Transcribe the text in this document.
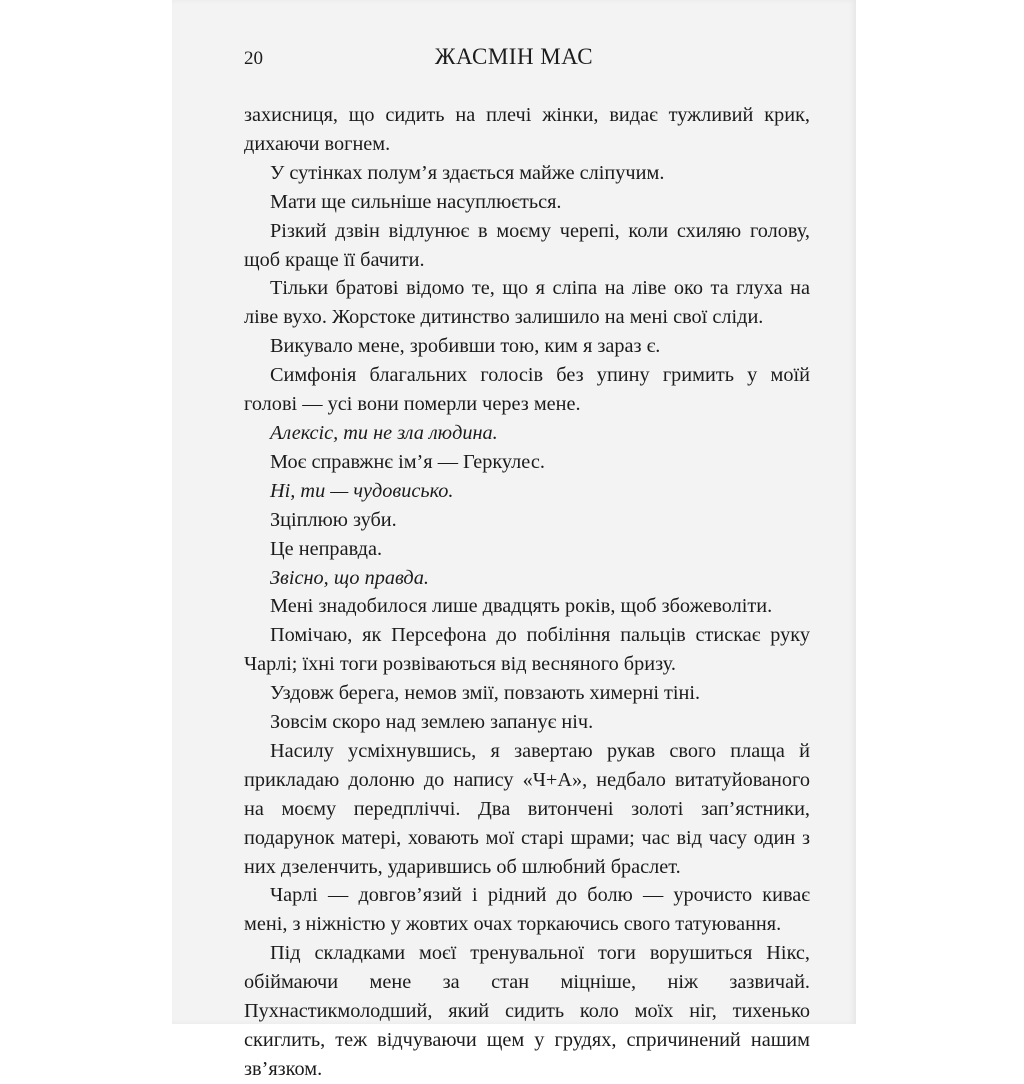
20	ЖАСМІН МАС

захисниця, що сидить на плечі жінки, видає тужливий крик, дихаючи вогнем.

У сутінках полум’я здається майже сліпучим.

Мати ще сильніше насуплюється.

Різкий дзвін відлунює в моєму черепі, коли схиляю голову, щоб краще її бачити.

Тільки братові відомо те, що я сліпа на ліве око та глуха на ліве вухо. Жорстоке дитинство залишило на мені свої сліди.

Викувало мене, зробивши тою, ким я зараз є.

Симфонія благальних голосів без упину гримить у моїй голові — усі вони померли через мене.

Алексіс, ти не зла людина.

Моє справжнє ім’я — Геркулес.

Ні, ти — чудовисько.

Зціплюю зуби.

Це неправда.

Звісно, що правда.

Мені знадобилося лише двадцять років, щоб збожеволіти.

Помічаю, як Персефона до побіління пальців стискає руку Чарлі; їхні тоги розвіваються від весняного бризу.

Уздовж берега, немов змії, повзають химерні тіні.

Зовсім скоро над землею запанує ніч.

Насилу усміхнувшись, я завертаю рукав свого плаща й прикладаю долоню до напису «Ч+А», недбало витатуйованого на моєму передпліччі. Два витончені золоті зап’ястники, подарунок матері, ховають мої старі шрами; час від часу один з них дзеленчить, ударившись об шлюбний браслет.

Чарлі — довгов’язий і рідний до болю — урочисто киває мені, з ніжністю у жовтих очах торкаючись свого татуювання.

Під складками моєї тренувальної тоги ворушиться Нікс, обіймаючи мене за стан міцніше, ніж зазвичай. Пухнастикмолодший, який сидить коло моїх ніг, тихенько скиглить, теж відчуваючи щем у грудях, спричинений нашим зв’язком.
